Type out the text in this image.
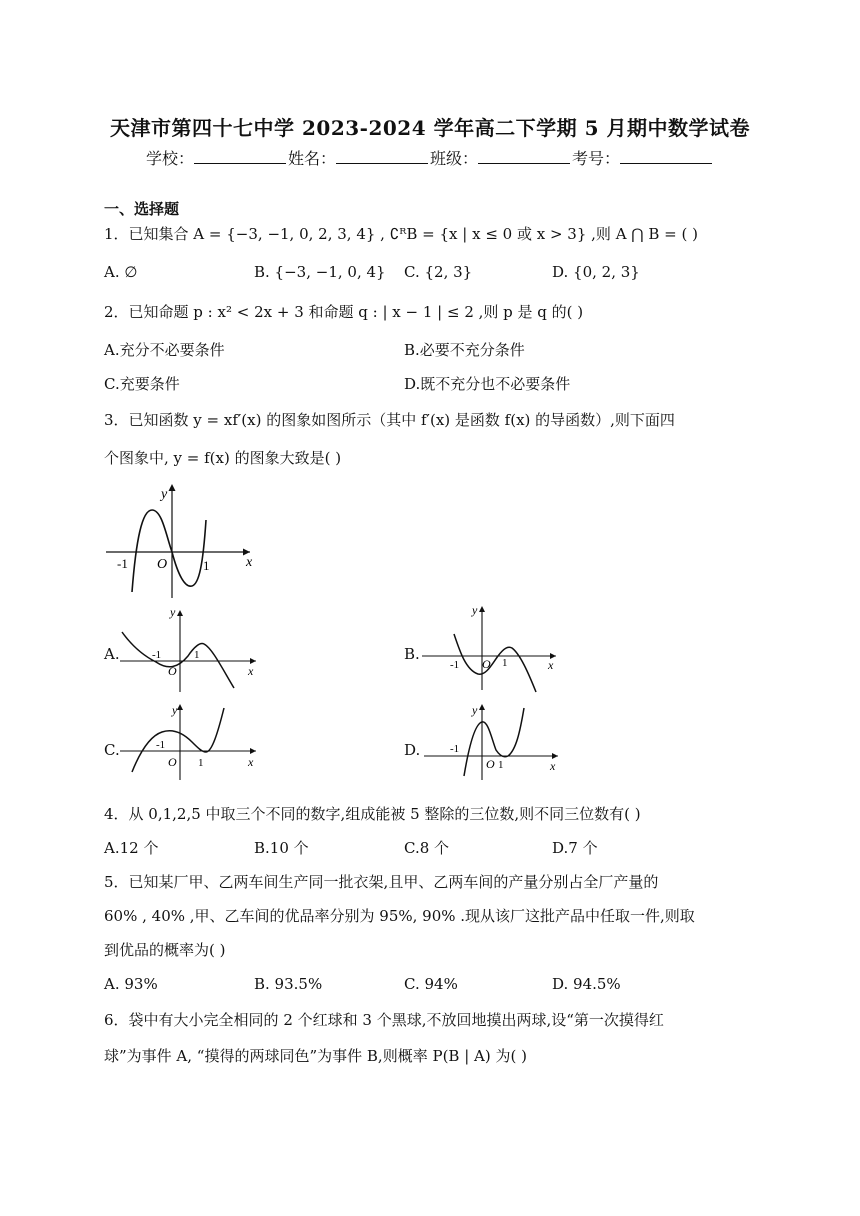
天津市第四十七中学 2023-2024 学年高二下学期 5 月期中数学试卷
学校：	姓名：	班级：	考号：
一、选择题
1．已知集合 A = {−3, −1, 0, 2, 3, 4} , ∁ᴿB = {x | x ≤ 0 或 x > 3} ,则 A ⋂ B = ( )
A. ∅	B. {−3, −1, 0, 4} C. {2, 3}	D. {0, 2, 3}
2．已知命题 p : x² < 2x + 3 和命题 q : | x − 1 | ≤ 2 ,则 p 是 q 的( )
A.充分不必要条件	B.必要不充分条件
C.充要条件	D.既不充分也不必要条件
3．已知函数 y = xf′(x) 的图象如图所示（其中 f′(x) 是函数 f(x) 的导函数）,则下面四
个图象中, y = f(x) 的图象大致是( )
y
x
O
-1	1
A.
y
x
O
-1	1	B.
y
x
O
-1	1
C.
y
x
O
-1
1
D.
y
x
O
-1
1
4．从 0,1,2,5 中取三个不同的数字,组成能被 5 整除的三位数,则不同三位数有( )
A.12 个	B.10 个	C.8 个	D.7 个
5．已知某厂甲、乙两车间生产同一批衣架,且甲、乙两车间的产量分别占全厂产量的
60% , 40% ,甲、乙车间的优品率分别为 95%, 90% .现从该厂这批产品中任取一件,则取
到优品的概率为( )
A. 93%	B. 93.5%	C. 94%	D. 94.5%
6．袋中有大小完全相同的 2 个红球和 3 个黑球,不放回地摸出两球,设“第一次摸得红
球”为事件 A, “摸得的两球同色”为事件 B,则概率 P(B | A) 为( )
